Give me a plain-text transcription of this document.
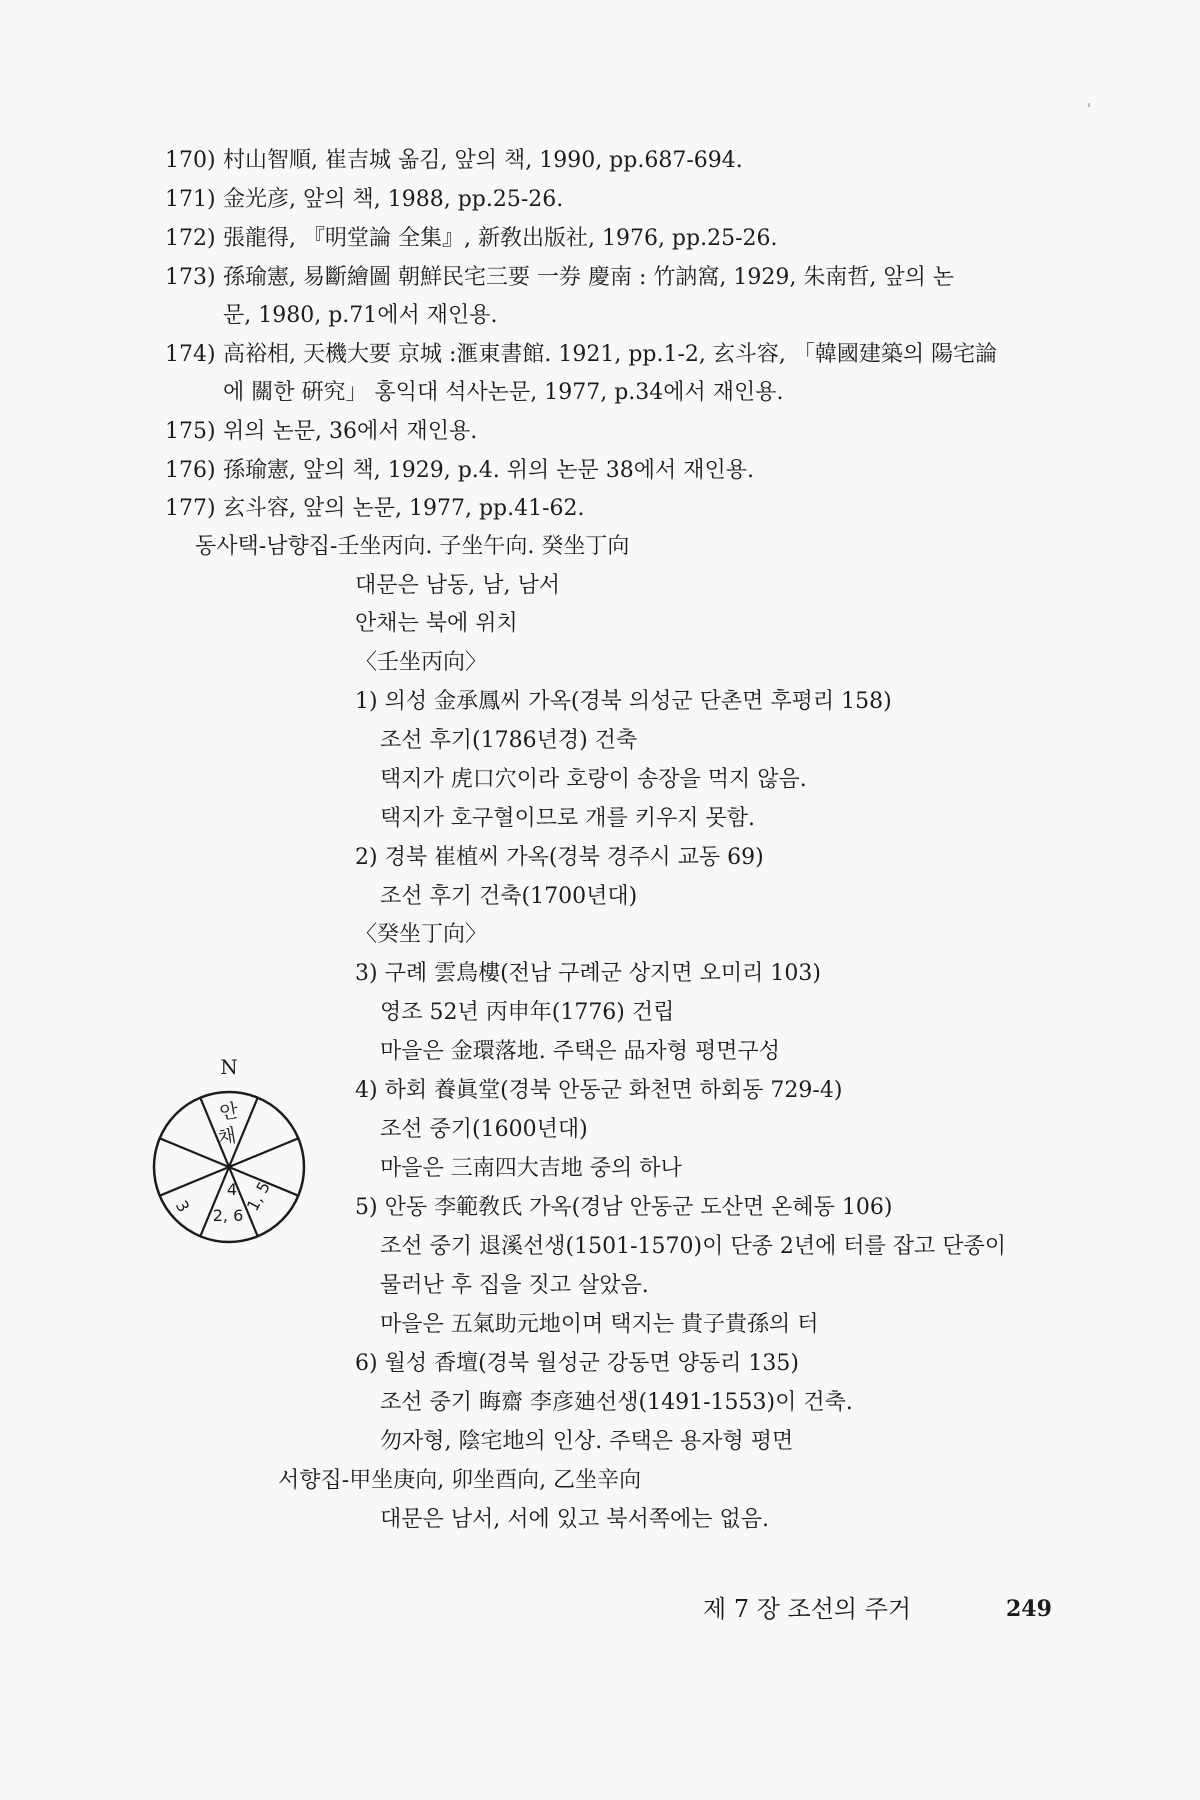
170) 村山智順, 崔吉城 옮김, 앞의 책, 1990, pp.687-694.
171) 金光彦, 앞의 책, 1988, pp.25-26.
172) 張龍得, 『明堂論 全集』, 新敎出版社, 1976, pp.25-26.
173) 孫瑜憲, 易斷繪圖 朝鮮民宅三要 一券 慶南 : 竹訥窩, 1929, 朱南哲, 앞의 논
문, 1980, p.71에서 재인용.
174) 高裕相, 天機大要 京城 :滙東書館. 1921, pp.1-2, 玄斗容, 「韓國建築의 陽宅論
에 關한 硏究」 홍익대 석사논문, 1977, p.34에서 재인용.
175) 위의 논문, 36에서 재인용.
176) 孫瑜憲, 앞의 책, 1929, p.4. 위의 논문 38에서 재인용.
177) 玄斗容, 앞의 논문, 1977, pp.41-62.
동사택-남향집-壬坐丙向. 子坐午向. 癸坐丁向
대문은 남동, 남, 남서
안채는 북에 위치
〈壬坐丙向〉
1) 의성 金承鳳씨 가옥(경북 의성군 단촌면 후평리 158)
조선 후기(1786년경) 건축
택지가 虎口穴이라 호랑이 송장을 먹지 않음.
택지가 호구혈이므로 개를 키우지 못함.
2) 경북 崔植씨 가옥(경북 경주시 교동 69)
조선 후기 건축(1700년대)
〈癸坐丁向〉
3) 구례 雲鳥樓(전남 구례군 상지면 오미리 103)
영조 52년 丙申年(1776) 건립
마을은 金環落地. 주택은 品자형 평면구성
4) 하회 養眞堂(경북 안동군 화천면 하회동 729-4)
조선 중기(1600년대)
마을은 三南四大吉地 중의 하나
5) 안동 李範敎氏 가옥(경남 안동군 도산면 온혜동 106)
조선 중기 退溪선생(1501-1570)이 단종 2년에 터를 잡고 단종이
물러난 후 집을 짓고 살았음.
마을은 五氣助元地이며 택지는 貴子貴孫의 터
6) 월성 香壇(경북 월성군 강동면 양동리 135)
조선 중기 晦齋 李彦廸선생(1491-1553)이 건축.
勿자형, 陰宅地의 인상. 주택은 용자형 평면
서향집-甲坐庚向, 卯坐酉向, 乙坐辛向
대문은 남서, 서에 있고 북서쪽에는 없음.
N
안
채
4
2, 6
1, 5
3
제 7 장 조선의 주거	249
